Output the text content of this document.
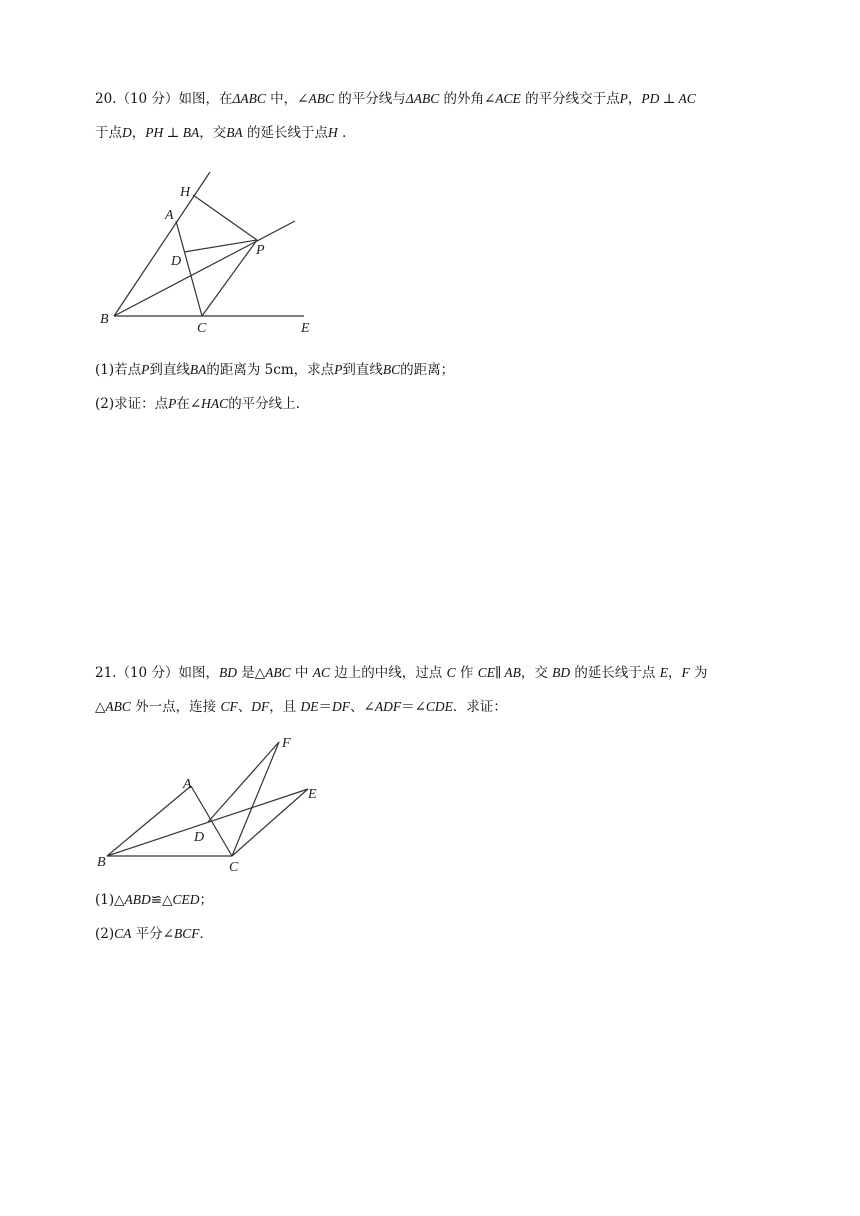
20.（10 分）如图，在ΔABC 中，∠ABC 的平分线与ΔABC 的外角∠ACE 的平分线交于点P，PD ⊥ AC
于点D，PH ⊥ BA，交BA 的延长线于点H .
H
A
P
D
B
C	E
(1)若点P到直线BA的距离为 5cm，求点P到直线BC的距离；
(2)求证：点P在∠HAC的平分线上.
21.（10 分）如图，BD 是△ABC 中 AC 边上的中线，过点 C 作 CE∥ AB，交 BD 的延长线于点 E，F 为
△ABC 外一点，连接 CF、DF，且 DE＝DF、∠ADF＝∠CDE．求证：
F
A
E
D
B	C
(1)△ABD≌△CED；
(2)CA 平分∠BCF．
